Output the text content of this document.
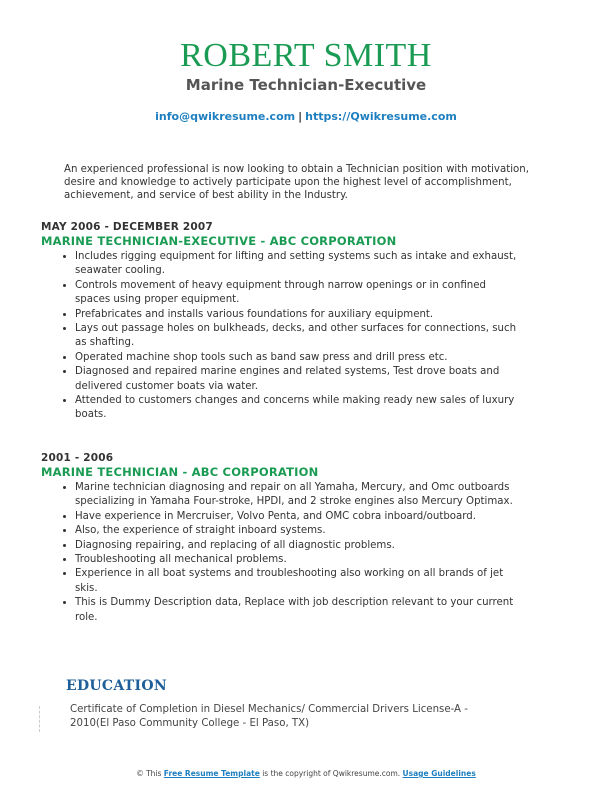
ROBERT SMITH
Marine Technician-Executive
info@qwikresume.com | https://Qwikresume.com
An experienced professional is now looking to obtain a Technician position with motivation, desire and knowledge to actively participate upon the highest level of accomplishment, achievement, and service of best ability in the Industry.
MAY 2006 - DECEMBER 2007
MARINE TECHNICIAN-EXECUTIVE - ABC CORPORATION
• Includes rigging equipment for lifting and setting systems such as intake and exhaust, seawater cooling.
• Controls movement of heavy equipment through narrow openings or in confined spaces using proper equipment.
• Prefabricates and installs various foundations for auxiliary equipment.
• Lays out passage holes on bulkheads, decks, and other surfaces for connections, such as shafting.
• Operated machine shop tools such as band saw press and drill press etc.
• Diagnosed and repaired marine engines and related systems, Test drove boats and delivered customer boats via water.
• Attended to customers changes and concerns while making ready new sales of luxury boats.
2001 - 2006
MARINE TECHNICIAN - ABC CORPORATION
• Marine technician diagnosing and repair on all Yamaha, Mercury, and Omc outboards specializing in Yamaha Four-stroke, HPDI, and 2 stroke engines also Mercury Optimax.
• Have experience in Mercruiser, Volvo Penta, and OMC cobra inboard/outboard.
• Also, the experience of straight inboard systems.
• Diagnosing repairing, and replacing of all diagnostic problems.
• Troubleshooting all mechanical problems.
• Experience in all boat systems and troubleshooting also working on all brands of jet skis.
• This is Dummy Description data, Replace with job description relevant to your current role.
EDUCATION
Certificate of Completion in Diesel Mechanics/ Commercial Drivers License-A - 2010(El Paso Community College - El Paso, TX)
© This Free Resume Template is the copyright of Qwikresume.com. Usage Guidelines
